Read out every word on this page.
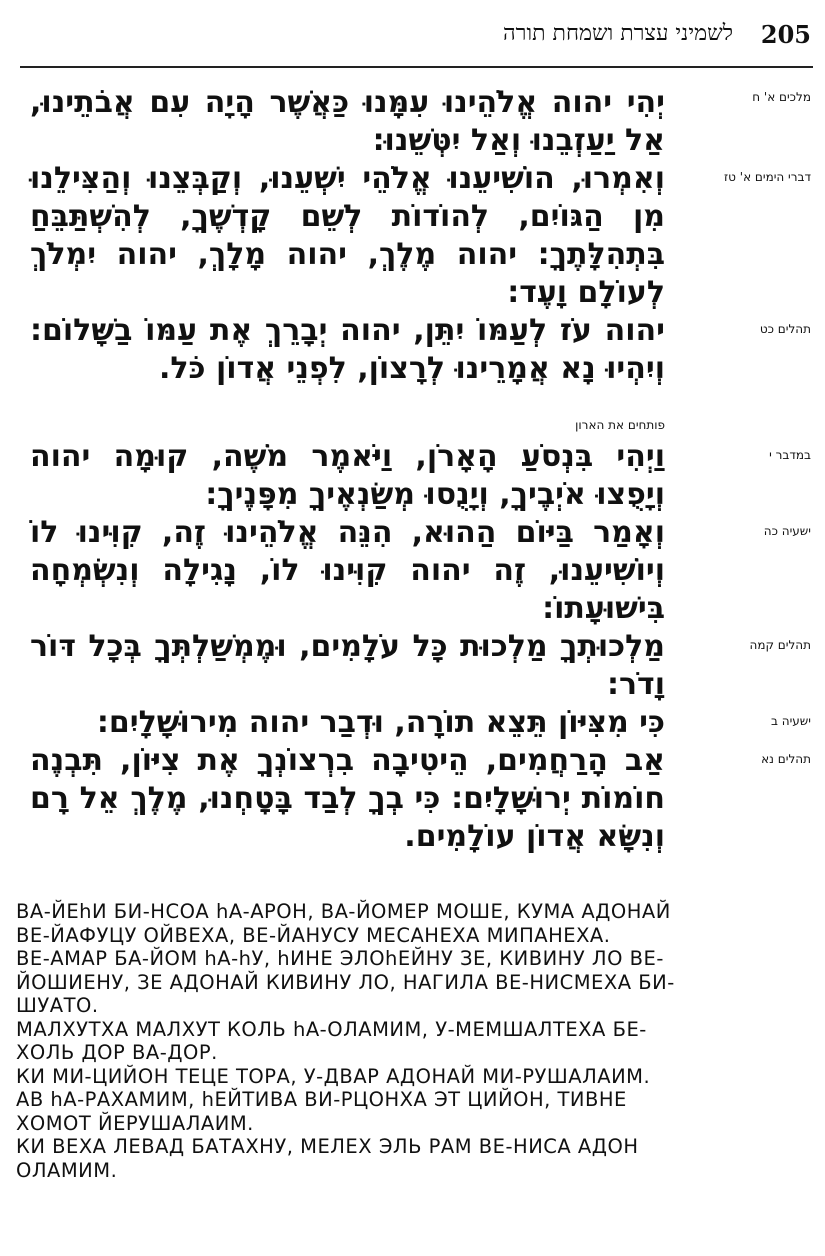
205
לשמיני עצרת ושמחת תורה
מלכים א' ח
יְהִי יהוה אֱלֹהֵינוּ עִמָּנוּ כַּאֲשֶׁר הָיָה עִם אֲבֹתֵינוּ, אַל יַעַזְבֵנוּ וְאַל יִטְּשֵׁנוּ:
דברי הימים א' טז
וְאִמְרוּ, הוֹשִׁיעֵנוּ אֱלֹהֵי יִשְׁעֵנוּ, וְקַבְּצֵנוּ וְהַצִּילֵנוּ מִן הַגּוֹיִם, לְהוֹדוֹת לְשֵׁם קָדְשֶׁךָ, לְהִשְׁתַּבֵּחַ בִּתְהִלָּתֶךָ: יהוה מֶלֶךְ, יהוה מָלָךְ, יהוה יִמְלֹךְ לְעוֹלָם וָעֶד:
תהלים כט
יהוה עֹז לְעַמּוֹ יִתֵּן, יהוה יְבָרֵךְ אֶת עַמּוֹ בַשָּׁלוֹם: וְיִהְיוּ נָא אֲמָרֵינוּ לְרָצוֹן, לִפְנֵי אֲדוֹן כֹּל.
פותחים את הארון
במדבר י
וַיְהִי בִּנְסֹעַ הָאָרֹן, וַיֹּאמֶר מֹשֶׁה, קוּמָה יהוה וְיָפֻצוּ אֹיְבֶיךָ, וְיָנֻסוּ מְשַׂנְאֶיךָ מִפָּנֶיךָ:
ישעיה כה
וְאָמַר בַּיּוֹם הַהוּא, הִנֵּה אֱלֹהֵינוּ זֶה, קִוִּינוּ לוֹ וְיוֹשִׁיעֵנוּ, זֶה יהוה קִוִּינוּ לוֹ, נָגִילָה וְנִשְׂמְחָה בִּישׁוּעָתוֹ:
תהלים קמה
מַלְכוּתְךָ מַלְכוּת כָּל עֹלָמִים, וּמֶמְשַׁלְתְּךָ בְּכָל דּוֹר וָדֹר:
ישעיה ב
כִּי מִצִּיּוֹן תֵּצֵא תוֹרָה, וּדְבַר יהוה מִירוּשָׁלָיִם:
תהלים נא
אַב הָרַחֲמִים, הֵיטִיבָה בִרְצוֹנְךָ אֶת צִיּוֹן, תִּבְנֶה חוֹמוֹת יְרוּשָׁלָיִם: כִּי בְךָ לְבַד בָּטָחְנוּ, מֶלֶךְ אֵל רָם וְנִשָּׂא אֲדוֹן עוֹלָמִים.

ВА-ЙЕhИ БИ-НСОА hА-АРОН, ВА-ЙОМЕР МОШЕ, КУМА АДОНАЙ ВЕ-ЙАФУЦУ ОЙВЕХА, ВЕ-ЙАНУСУ МЕСАНЕХА МИПАНЕХА.

ВЕ-АМАР БА-ЙОМ hА-hУ, hИНЕ ЭЛОhЕЙНУ ЗЕ, КИВИНУ ЛО ВЕ-ЙОШИЕНУ, ЗЕ АДОНАЙ КИВИНУ ЛО, НАГИЛА ВЕ-НИСМЕХА БИ-ШУАТО.

МАЛХУТХА МАЛХУТ КОЛЬ hА-ОЛАМИМ, У-МЕМШАЛТЕХА БЕ-ХОЛЬ ДОР ВА-ДОР.

КИ МИ-ЦИЙОН ТЕЦЕ ТОРА, У-ДВАР АДОНАЙ МИ-РУШАЛАИМ.

АВ hА-РАХАМИМ, hЕЙТИВА ВИ-РЦОНХА ЭТ ЦИЙОН, ТИВНЕ ХОМОТ ЙЕРУШАЛАИМ.

КИ ВЕХА ЛЕВАД БАТАХНУ, МЕЛЕХ ЭЛЬ РАМ ВЕ-НИСА АДОН ОЛАМИМ.
